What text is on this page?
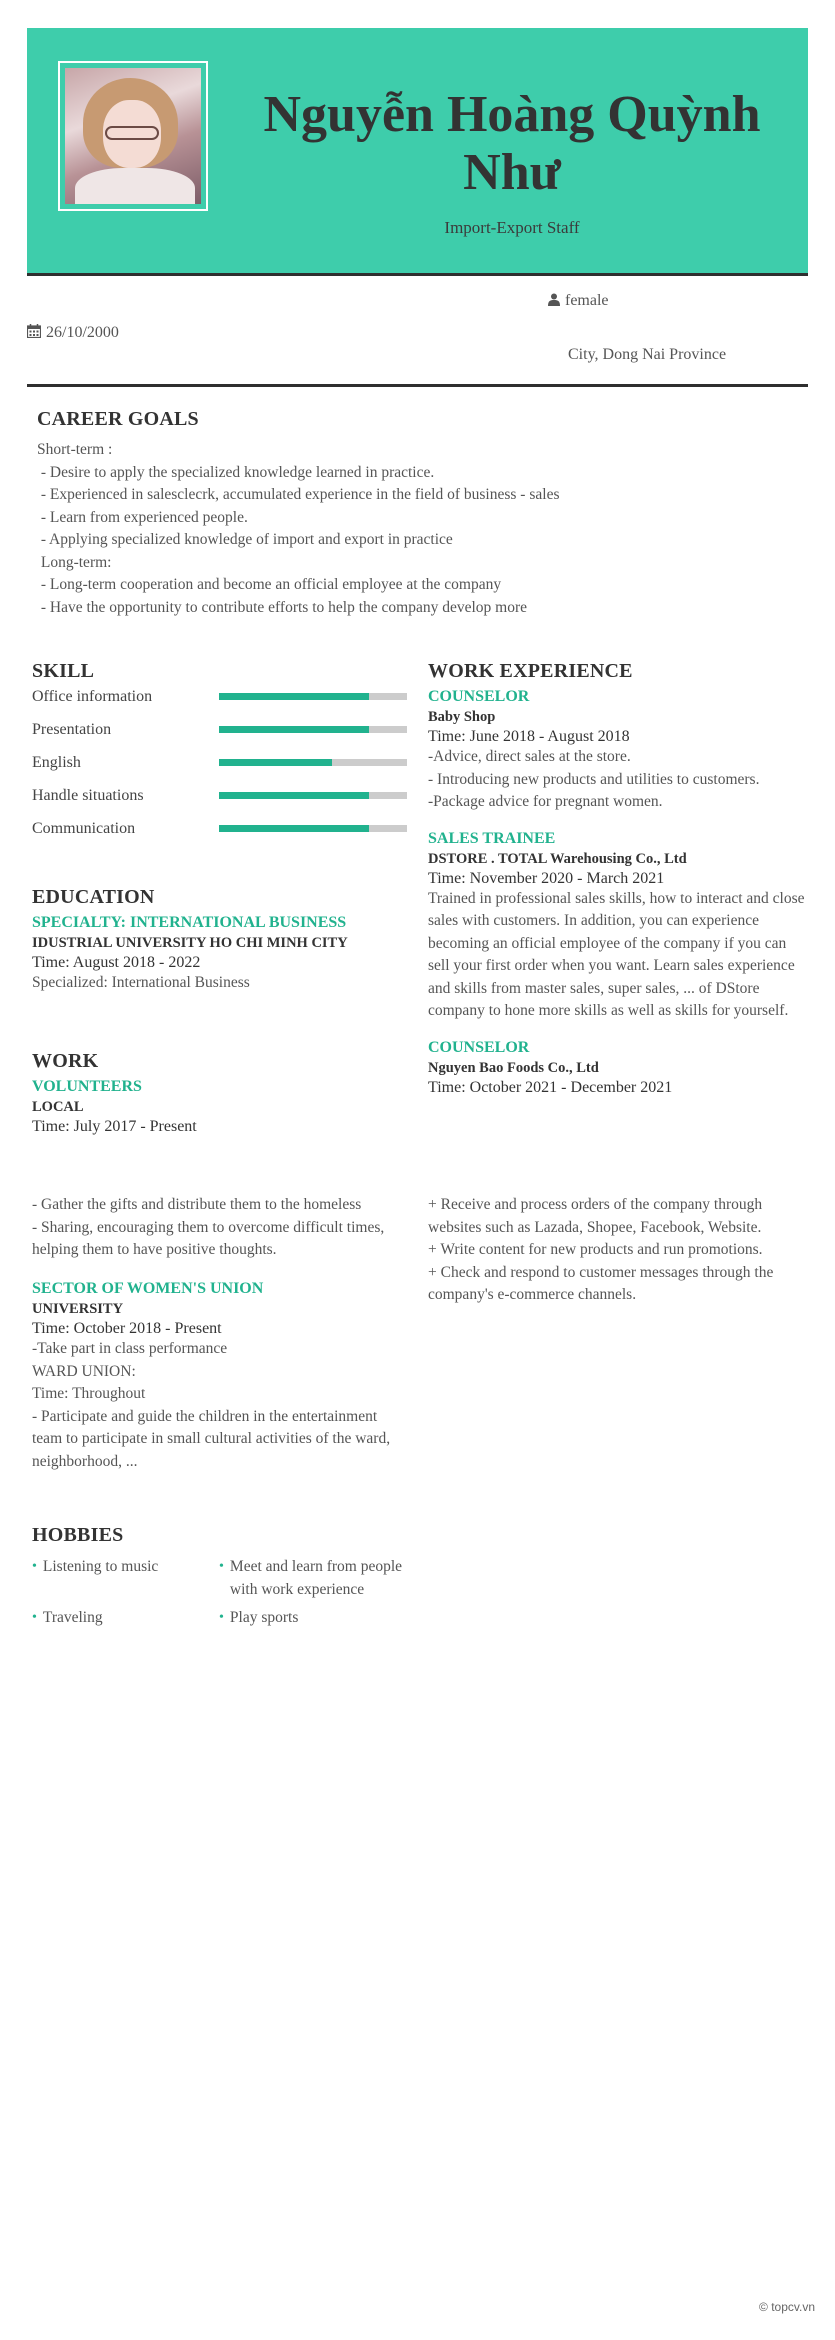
Nguyễn Hoàng Quỳnh Như
Import-Export Staff
female
26/10/2000
City, Dong Nai Province
CAREER GOALS
Short-term :
- Desire to apply the specialized knowledge learned in practice.
- Experienced in salesclecrk, accumulated experience in the field of business - sales
- Learn from experienced people.
- Applying specialized knowledge of import and export in practice
Long-term:
- Long-term cooperation and become an official employee at the company
- Have the opportunity to contribute efforts to help the company develop more
SKILL
Office information
Presentation
English
Handle situations
Communication
EDUCATION
SPECIALTY: INTERNATIONAL BUSINESS
IDUSTRIAL UNIVERSITY HO CHI MINH CITY
Time: August 2018 - 2022
Specialized: International Business
WORK
VOLUNTEERS
LOCAL
Time: July 2017 - Present
- Gather the gifts and distribute them to the homeless
- Sharing, encouraging them to overcome difficult times, helping them to have positive thoughts.
SECTOR OF WOMEN'S UNION
UNIVERSITY
Time: October 2018 - Present
-Take part in class performance
WARD UNION:
Time: Throughout
- Participate and guide the children in the entertainment team to participate in small cultural activities of the ward, neighborhood, ...
HOBBIES
• Listening to music	• Meet and learn from people with work experience
• Traveling	• Play sports
WORK EXPERIENCE
COUNSELOR
Baby Shop
Time: June 2018 - August 2018
-Advice, direct sales at the store.
- Introducing new products and utilities to customers.
-Package advice for pregnant women.
SALES TRAINEE
DSTORE . TOTAL Warehousing Co., Ltd
Time: November 2020 - March 2021
Trained in professional sales skills, how to interact and close sales with customers. In addition, you can experience becoming an official employee of the company if you can sell your first order when you want. Learn sales experience and skills from master sales, super sales, ... of DStore company to hone more skills as well as skills for yourself.
COUNSELOR
Nguyen Bao Foods Co., Ltd
Time: October 2021 - December 2021
+ Receive and process orders of the company through websites such as Lazada, Shopee, Facebook, Website.
+ Write content for new products and run promotions.
+ Check and respond to customer messages through the company's e-commerce channels.
© topcv.vn
